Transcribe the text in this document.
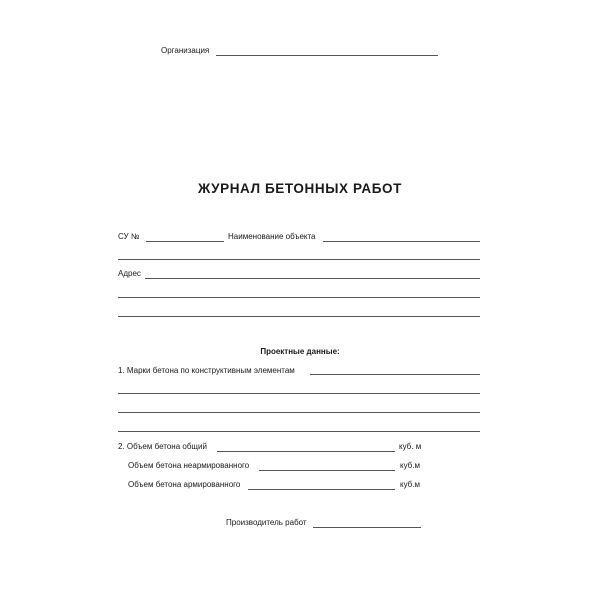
Организация
ЖУРНАЛ БЕТОННЫХ РАБОТ
СУ №	Наименование объекта
Адрес
Проектные данные:
1. Марки бетона по конструктивным элементам
2. Объем бетона общий	куб. м
Объем бетона неармированного	куб.м
Объем бетона армированного	куб.м
Производитель работ
